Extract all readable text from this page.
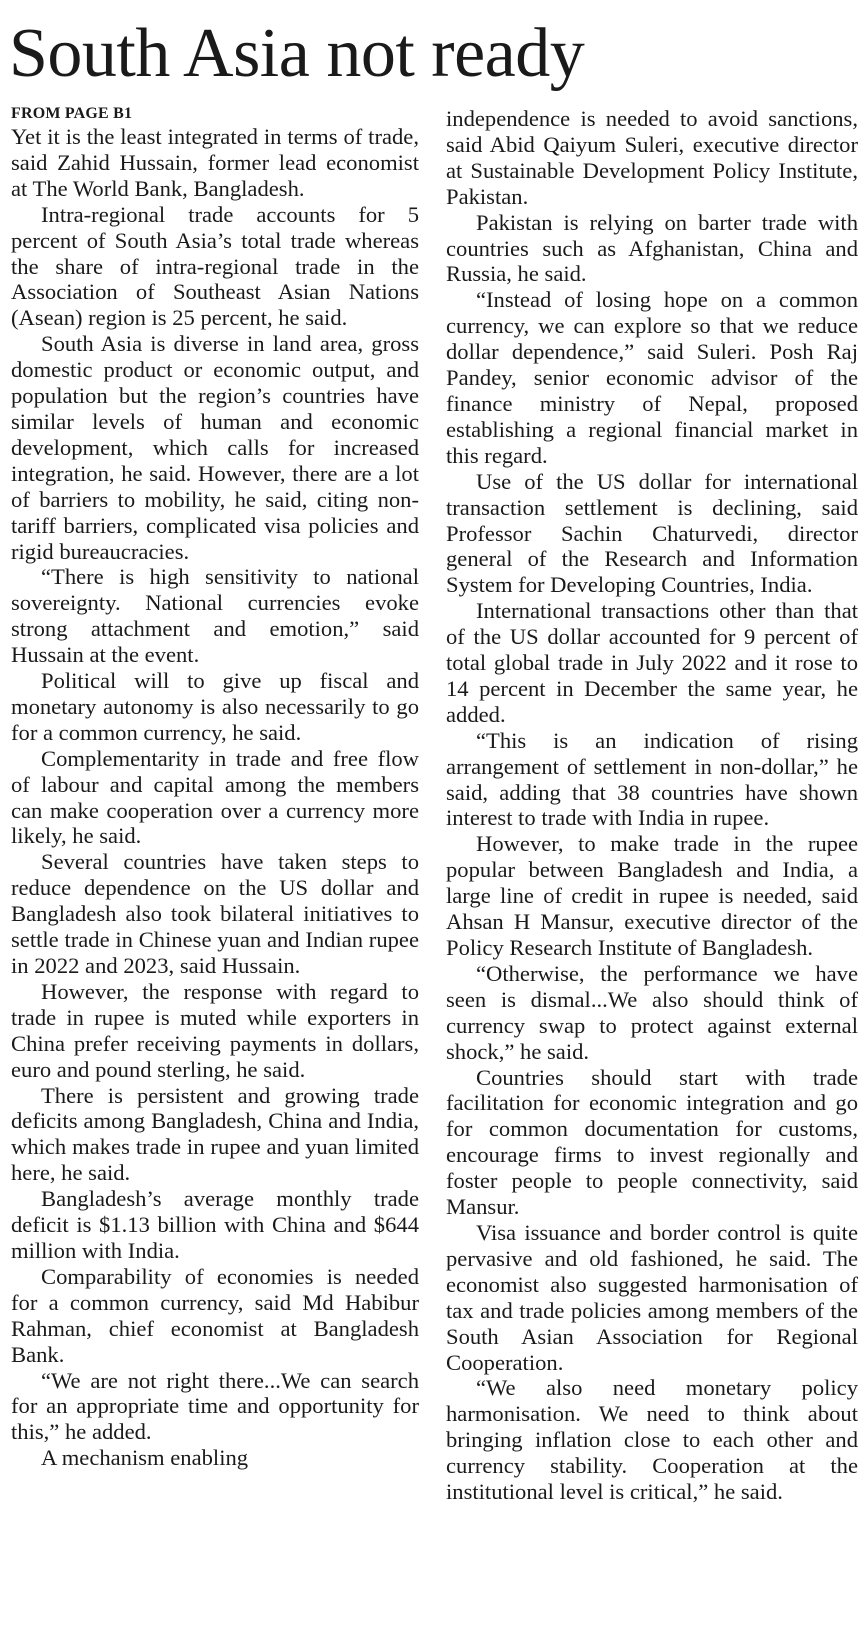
South Asia not ready
FROM PAGE B1

Yet it is the least integrated in terms of trade, said Zahid Hussain, former lead economist at The World Bank, Bangladesh.

Intra-regional trade accounts for 5 percent of South Asia’s total trade whereas the share of intra-regional trade in the Association of Southeast Asian Nations (Asean) region is 25 percent, he said.

South Asia is diverse in land area, gross domestic product or economic output, and population but the region’s countries have similar levels of human and economic development, which calls for increased integration, he said. However, there are a lot of barriers to mobility, he said, citing non-tariff barriers, complicated visa policies and rigid bureaucracies.

“There is high sensitivity to national sovereignty. National currencies evoke strong attachment and emotion,” said Hussain at the event.

Political will to give up fiscal and monetary autonomy is also necessarily to go for a common currency, he said.

Complementarity in trade and free flow of labour and capital among the members can make cooperation over a currency more likely, he said.

Several countries have taken steps to reduce dependence on the US dollar and Bangladesh also took bilateral initiatives to settle trade in Chinese yuan and Indian rupee in 2022 and 2023, said Hussain.

However, the response with regard to trade in rupee is muted while exporters in China prefer receiving payments in dollars, euro and pound sterling, he said.

There is persistent and growing trade deficits among Bangladesh, China and India, which makes trade in rupee and yuan limited here, he said.

Bangladesh’s average monthly trade deficit is $1.13 billion with China and $644 million with India.

Comparability of economies is needed for a common currency, said Md Habibur Rahman, chief economist at Bangladesh Bank.

“We are not right there...We can search for an appropriate time and opportunity for this,” he added.

A mechanism enabling

independence is needed to avoid sanctions, said Abid Qaiyum Suleri, executive director at Sustainable Development Policy Institute, Pakistan.

Pakistan is relying on barter trade with countries such as Afghanistan, China and Russia, he said.

“Instead of losing hope on a common currency, we can explore so that we reduce dollar dependence,” said Suleri. Posh Raj Pandey, senior economic advisor of the finance ministry of Nepal, proposed establishing a regional financial market in this regard.

Use of the US dollar for international transaction settlement is declining, said Professor Sachin Chaturvedi, director general of the Research and Information System for Developing Countries, India.

International transactions other than that of the US dollar accounted for 9 percent of total global trade in July 2022 and it rose to 14 percent in December the same year, he added.

“This is an indication of rising arrangement of settlement in non-dollar,” he said, adding that 38 countries have shown interest to trade with India in rupee.

However, to make trade in the rupee popular between Bangladesh and India, a large line of credit in rupee is needed, said Ahsan H Mansur, executive director of the Policy Research Institute of Bangladesh.

“Otherwise, the performance we have seen is dismal...We also should think of currency swap to protect against external shock,” he said.

Countries should start with trade facilitation for economic integration and go for common documentation for customs, encourage firms to invest regionally and foster people to people connectivity, said Mansur.

Visa issuance and border control is quite pervasive and old fashioned, he said. The economist also suggested harmonisation of tax and trade policies among members of the South Asian Association for Regional Cooperation.

“We also need monetary policy harmonisation. We need to think about bringing inflation close to each other and currency stability. Cooperation at the institutional level is critical,” he said.
